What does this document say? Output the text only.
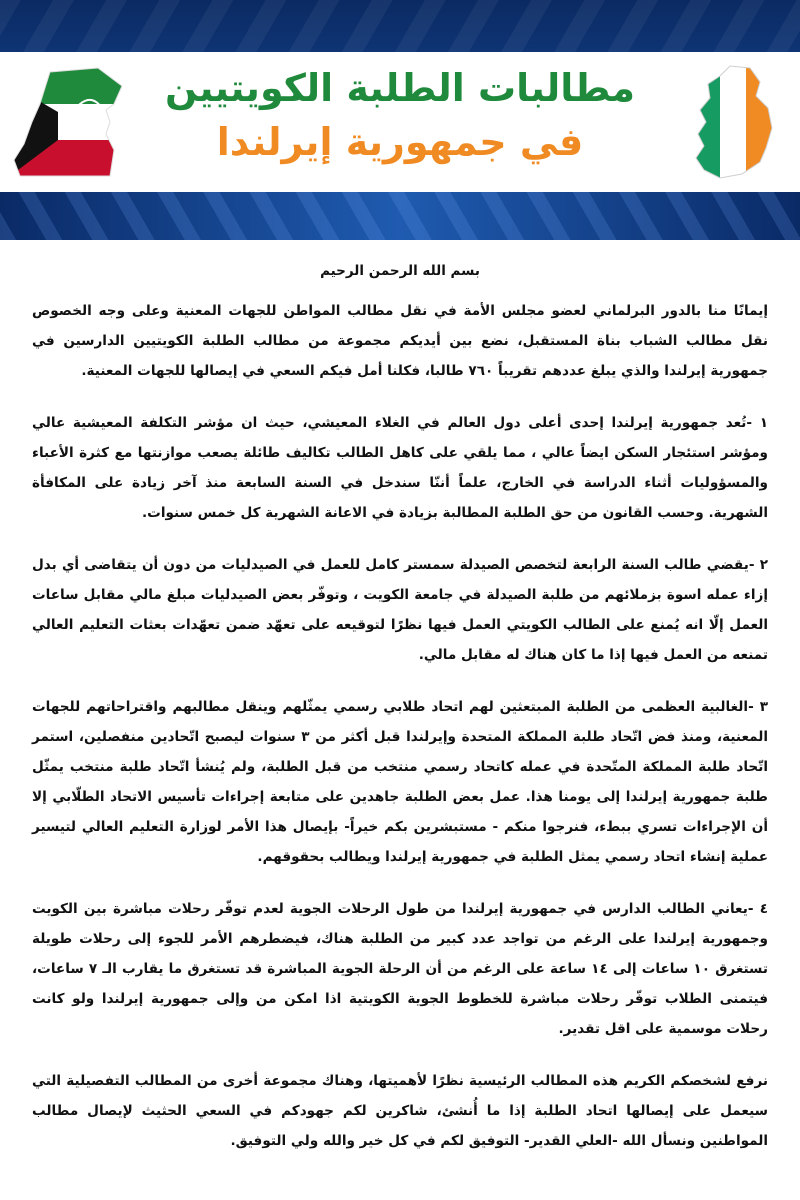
مطالبات الطلبة الكويتيين
في جمهورية إيرلندا

بسم الله الرحمن الرحيم

إيمانًا منا بالدور البرلماني لعضو مجلس الأمة في نقل مطالب المواطن للجهات المعنية وعلى وجه الخصوص نقل مطالب الشباب بناة المستقبل، نضع بين أيديكم مجموعة من مطالب الطلبة الكويتيين الدارسين في جمهورية إيرلندا والذي يبلغ عددهم تقريباً ٧٦٠ طالبا، فكلنا أمل فيكم السعي في إيصالها للجهات المعنية.

١ -تُعد جمهورية إيرلندا إحدى أعلى دول العالم في الغلاء المعيشي، حيث ان مؤشر التكلفة المعيشية عالي ومؤشر استئجار السكن ايضاً عالي ، مما يلقي على كاهل الطالب تكاليف طائلة يصعب موازنتها مع كثرة الأعباء والمسؤوليات أثناء الدراسة في الخارج، علماً أننّا سندخل في السنة السابعة منذ آخر زيادة على المكافأة الشهرية. وحسب القانون من حق الطلبة المطالبة بزيادة في الاعانة الشهرية كل خمس سنوات.

٢ -يقضي طالب السنة الرابعة لتخصص الصيدلة سمستر كامل للعمل في الصيدليات من دون أن يتقاضى أي بدل إزاء عمله اسوة بزملائهم من طلبة الصيدلة في جامعة الكويت ، وتوفّر بعض الصيدليات مبلغ مالي مقابل ساعات العمل إلّا انه يُمنع على الطالب الكويتي العمل فيها نظرًا لتوقيعه على تعهّد ضمن تعهّدات بعثات التعليم العالي تمنعه من العمل فيها إذا ما كان هناك له مقابل مالي.

٣ -الغالبية العظمى من الطلبة المبتعثين لهم اتحاد طلابي رسمي يمثّلهم وينقل مطالبهم واقتراحاتهم للجهات المعنية، ومنذ فض اتّحاد طلبة المملكة المتحدة وإيرلندا قبل أكثر من ٣ سنوات ليصبح اتّحادين منفصلين، استمر اتّحاد طلبة المملكة المتّحدة في عمله كاتحاد رسمي منتخب من قبل الطلبة، ولم يُنشأ اتّحاد طلبة منتخب يمثّل طلبة جمهورية إيرلندا إلى يومنا هذا. عمل بعض الطلبة جاهدين على متابعة إجراءات تأسيس الاتحاد الطلّابي إلا أن الإجراءات تسري ببطء، فنرجوا منكم - مستبشرين بكم خيراً- بإيصال هذا الأمر لوزارة التعليم العالي لتيسير عملية إنشاء اتحاد رسمي يمثل الطلبة في جمهورية إيرلندا ويطالب بحقوقهم.

٤ -يعاني الطالب الدارس في جمهورية إيرلندا من طول الرحلات الجوية لعدم توفّر رحلات مباشرة بين الكويت وجمهورية إيرلندا على الرغم من تواجد عدد كبير من الطلبة هناك، فيضطرهم الأمر للجوء إلى رحلات طويلة تستغرق ١٠ ساعات إلى ١٤ ساعة على الرغم من أن الرحلة الجوية المباشرة قد تستغرق ما يقارب الـ ٧ ساعات، فيتمنى الطلاب توفّر رحلات مباشرة للخطوط الجوية الكويتية اذا امكن من وإلى جمهورية إيرلندا ولو كانت رحلات موسمية على اقل تقدير.

نرفع لشخصكم الكريم هذه المطالب الرئيسية نظرًا لأهميتها، وهناك مجموعة أخرى من المطالب التفصيلية التي سيعمل على إيصالها اتحاد الطلبة إذا ما أُنشئ، شاكرين لكم جهودكم في السعي الحثيث لإيصال مطالب المواطنين ونسأل الله -العلي القدير- التوفيق لكم في كل خير والله ولي التوفيق.
